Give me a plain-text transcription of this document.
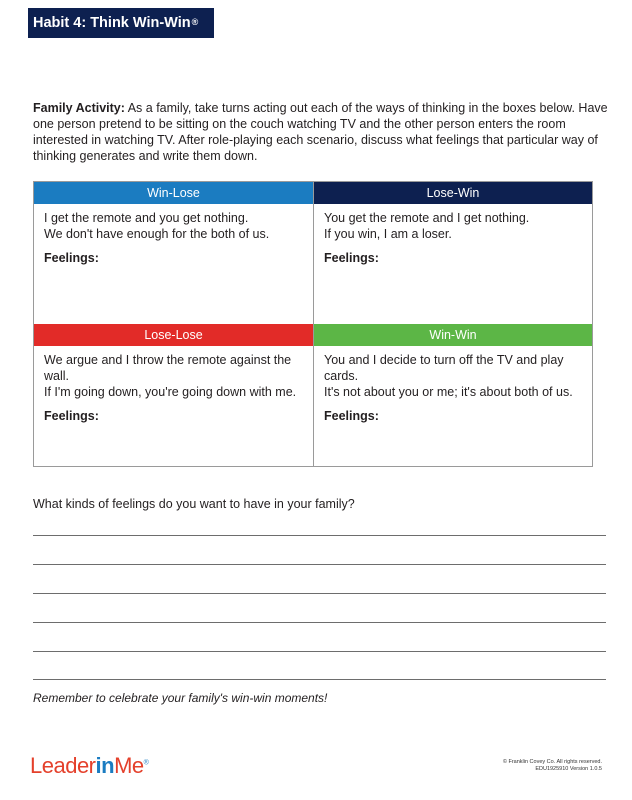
Habit 4: Think Win-Win®

Family Activity: As a family, take turns acting out each of the ways of thinking in the boxes below. Have one person pretend to be sitting on the couch watching TV and the other person enters the room interested in watching TV. After role-playing each scenario, discuss what feelings that particular way of thinking generates and write them down.

Win-Lose

I get the remote and you get nothing.

We don't have enough for the both of us.

Feelings:

Lose-Win

You get the remote and I get nothing.

If you win, I am a loser.

Feelings:

Lose-Lose

We argue and I throw the remote against the wall.

If I'm going down, you're going down with me.

Feelings:

Win-Win

You and I decide to turn off the TV and play cards.

It's not about you or me; it's about both of us.

Feelings:

What kinds of feelings do you want to have in your family?

Remember to celebrate your family's win-win moments!

LeaderinMe®	© Franklin Covey Co. All rights reserved.
EDU1925910 Version 1.0.5
